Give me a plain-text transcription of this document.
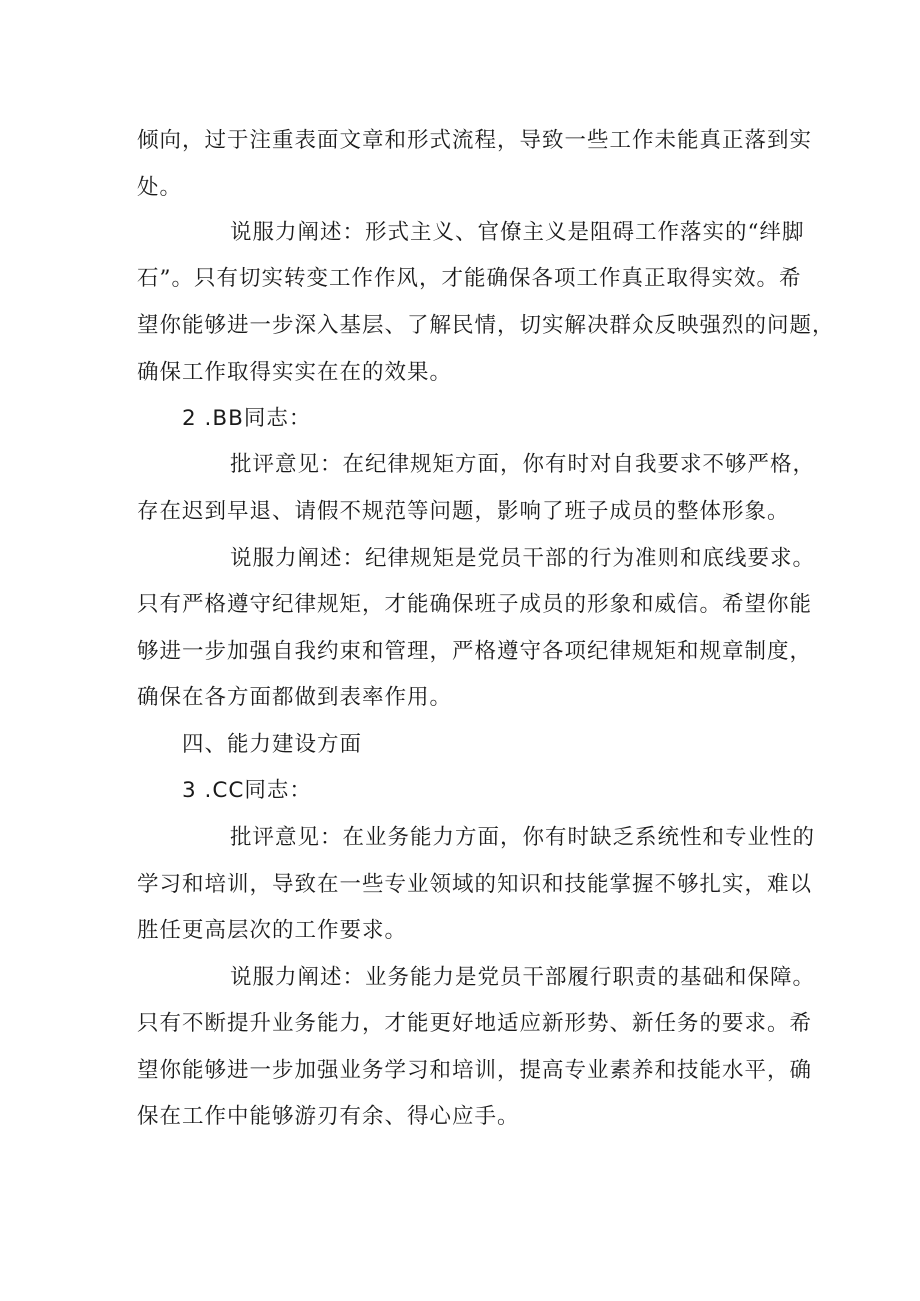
倾向，过于注重表面文章和形式流程，导致一些工作未能真正落到实

处。

说服力阐述：形式主义、官僚主义是阻碍工作落实的“绊脚

石”。只有切实转变工作作风，才能确保各项工作真正取得实效。希

望你能够进一步深入基层、了解民情，切实解决群众反映强烈的问题，

确保工作取得实实在在的效果。

2 .BB同志：

批评意见：在纪律规矩方面，你有时对自我要求不够严格，

存在迟到早退、请假不规范等问题，影响了班子成员的整体形象。

说服力阐述：纪律规矩是党员干部的行为准则和底线要求。

只有严格遵守纪律规矩，才能确保班子成员的形象和威信。希望你能

够进一步加强自我约束和管理，严格遵守各项纪律规矩和规章制度，

确保在各方面都做到表率作用。

四、能力建设方面

3 .CC同志：

批评意见：在业务能力方面，你有时缺乏系统性和专业性的

学习和培训，导致在一些专业领域的知识和技能掌握不够扎实，难以

胜任更高层次的工作要求。

说服力阐述：业务能力是党员干部履行职责的基础和保障。

只有不断提升业务能力，才能更好地适应新形势、新任务的要求。希

望你能够进一步加强业务学习和培训，提高专业素养和技能水平，确

保在工作中能够游刃有余、得心应手。
